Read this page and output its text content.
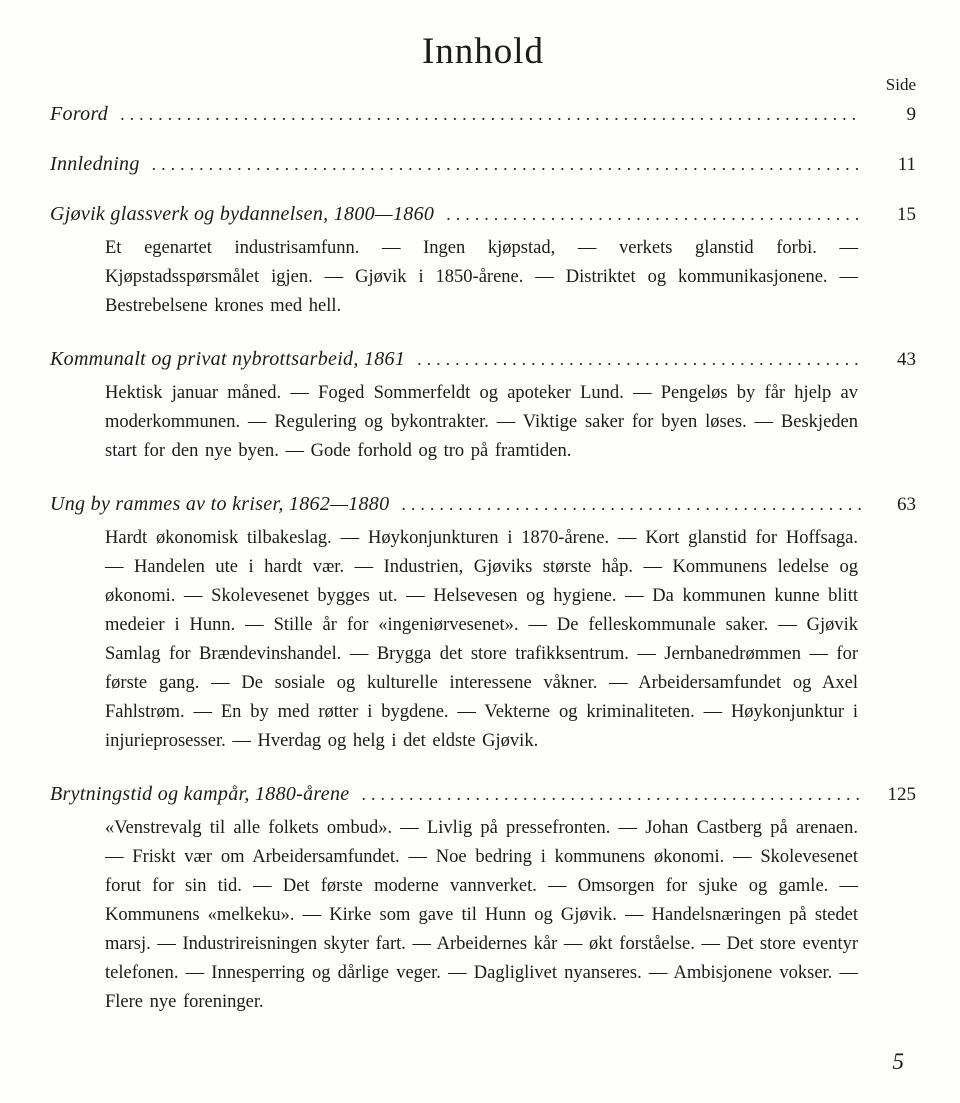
Innhold
Side
Forord .....	9
Innledning .....	11
Gjøvik glassverk og bydannelsen, 1800—1860 .....	15

Et egenartet industrisamfunn. — Ingen kjøpstad, — verkets glanstid forbi. — Kjøpstadsspørsmålet igjen. — Gjøvik i 1850-årene. — Distriktet og kommunikasjonene. — Bestrebelsene krones med hell.

Kommunalt og privat nybrottsarbeid, 1861 .....	43

Hektisk januar måned. — Foged Sommerfeldt og apoteker Lund. — Pengeløs by får hjelp av moderkommunen. — Regulering og bykontrakter. — Viktige saker for byen løses. — Beskjeden start for den nye byen. — Gode forhold og tro på framtiden.

Ung by rammes av to kriser, 1862—1880 .....	63

Hardt økonomisk tilbakeslag. — Høykonjunkturen i 1870-årene. — Kort glanstid for Hoffsaga. — Handelen ute i hardt vær. — Industrien, Gjøviks største håp. — Kommunens ledelse og økonomi. — Skolevesenet bygges ut. — Helsevesen og hygiene. — Da kommunen kunne blitt medeier i Hunn. — Stille år for «ingeniørvesenet». — De felleskommunale saker. — Gjøvik Samlag for Brændevinshandel. — Brygga det store trafikksentrum. — Jernbanedrømmen — for første gang. — De sosiale og kulturelle interessene våkner. — Arbeidersamfundet og Axel Fahlstrøm. — En by med røtter i bygdene. — Vekterne og kriminaliteten. — Høykonjunktur i injurieprosesser. — Hverdag og helg i det eldste Gjøvik.

Brytningstid og kampår, 1880-årene .....	125

«Venstrevalg til alle folkets ombud». — Livlig på pressefronten. — Johan Castberg på arenaen. — Friskt vær om Arbeidersamfundet. — Noe bedring i kommunens økonomi. — Skolevesenet forut for sin tid. — Det første moderne vannverket. — Omsorgen for sjuke og gamle. — Kommunens «melkeku». — Kirke som gave til Hunn og Gjøvik. — Handelsnæringen på stedet marsj. — Industrireisningen skyter fart. — Arbeidernes kår — økt forståelse. — Det store eventyr telefonen. — Innesperring og dårlige veger. — Dagliglivet nyanseres. — Ambisjonene vokser. — Flere nye foreninger.

5
